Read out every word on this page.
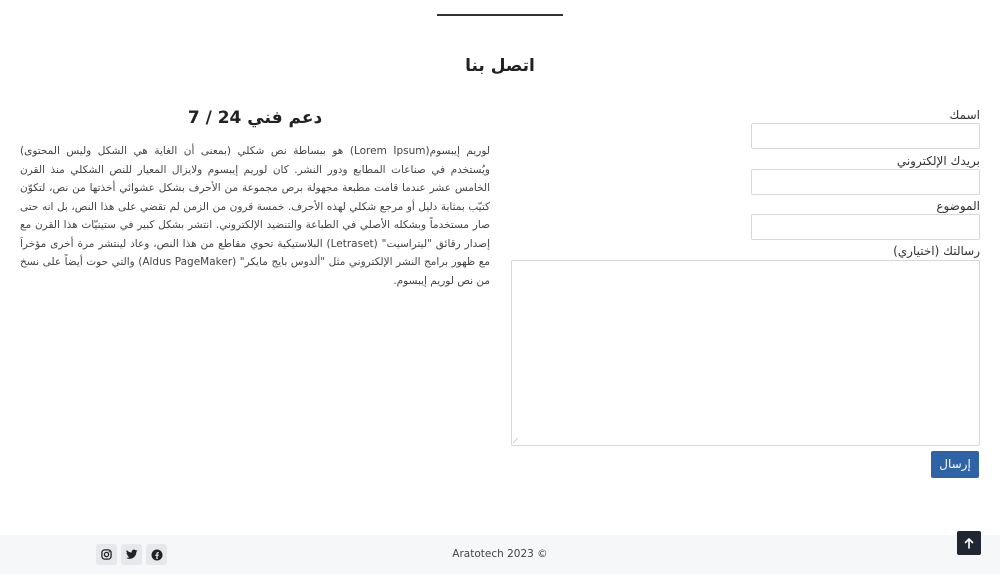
اتصل بنا
اسمك
بريدك الإلكتروني
الموضوع
رسالتك (اختياري)
⟋
إرسال
دعم فني 24 / 7

لوريم إيبسوم(Lorem Ipsum) هو ببساطة نص شكلي (بمعنى أن الغاية هي الشكل وليس المحتوى) ويُستخدم في صناعات المطابع ودور النشر. كان لوريم إيبسوم ولايزال المعيار للنص الشكلي منذ القرن الخامس عشر عندما قامت مطبعة مجهولة برص مجموعة من الأحرف بشكل عشوائي أخذتها من نص، لتكوّن كتيّب بمثابة دليل أو مرجع شكلي لهذه الأحرف. خمسة قرون من الزمن لم تقضي على هذا النص، بل انه حتى صار مستخدماً وبشكله الأصلي في الطباعة والتنضيد الإلكتروني. انتشر بشكل كبير في ستينيّات هذا القرن مع إصدار رقائق "ليتراسيت" (Letraset) البلاستيكية تحوي مقاطع من هذا النص، وعاد لينتشر مرة أخرى مؤخراَ مع ظهور برامج النشر الإلكتروني مثل "ألدوس بايج مايكر" (Aldus PageMaker) والتي حوت أيضاً على نسخ من نص لوريم إيبسوم.

Aratotech 2023 ©
